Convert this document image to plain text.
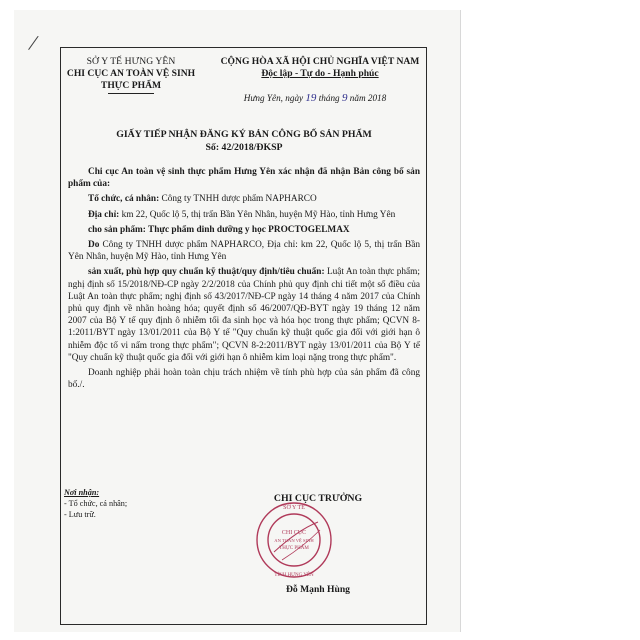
/
SỞ Y TẾ HƯNG YÊN
CHI CỤC AN TOÀN VỆ SINH
THỰC PHẨM
CỘNG HÒA XÃ HỘI CHỦ NGHĨA VIỆT NAM
Độc lập - Tự do - Hạnh phúc
Hưng Yên, ngày 19 tháng 9 năm 2018
GIẤY TIẾP NHẬN ĐĂNG KÝ BẢN CÔNG BỐ SẢN PHẨM
Số: 42/2018/ĐKSP

Chi cục An toàn vệ sinh thực phẩm Hưng Yên xác nhận đã nhận Bản công bố sản phẩm của:

Tổ chức, cá nhân: Công ty TNHH dược phẩm NAPHARCO

Địa chỉ: km 22, Quốc lộ 5, thị trấn Bần Yên Nhân, huyện Mỹ Hào, tỉnh Hưng Yên

cho sản phẩm: Thực phẩm dinh dưỡng y học PROCTOGELMAX

Do Công ty TNHH dược phẩm NAPHARCO, Địa chỉ: km 22, Quốc lộ 5, thị trấn Bần Yên Nhân, huyện Mỹ Hào, tỉnh Hưng Yên

sản xuất, phù hợp quy chuẩn kỹ thuật/quy định/tiêu chuẩn: Luật An toàn thực phẩm; nghị định số 15/2018/NĐ-CP ngày 2/2/2018 của Chính phủ quy định chi tiết một số điều của Luật An toàn thực phẩm; nghị định số 43/2017/NĐ-CP ngày 14 tháng 4 năm 2017 của Chính phủ quy định về nhãn hoàng hóa; quyết định số 46/2007/QĐ-BYT ngày 19 tháng 12 năm 2007 của Bộ Y tế quy định ô nhiễm tối đa sinh học và hóa học trong thực phẩm; QCVN 8-1:2011/BYT ngày 13/01/2011 của Bộ Y tế "Quy chuẩn kỹ thuật quốc gia đối với giới hạn ô nhiễm độc tố vi nấm trong thực phẩm"; QCVN 8-2:2011/BYT ngày 13/01/2011 của Bộ Y tế "Quy chuẩn kỹ thuật quốc gia đối với giới hạn ô nhiễm kim loại nặng trong thực phẩm".

Doanh nghiệp phải hoàn toàn chịu trách nhiệm về tính phù hợp của sản phẩm đã công bố./.

Nơi nhận:
- Tổ chức, cá nhân;
- Lưu trữ.
CHI CỤC TRƯỞNG
SỞ Y TẾ
CHI CỤC
AN TOÀN VỆ SINH
THỰC PHẨM
TỈNH HƯNG YÊN
Đỗ Mạnh Hùng
